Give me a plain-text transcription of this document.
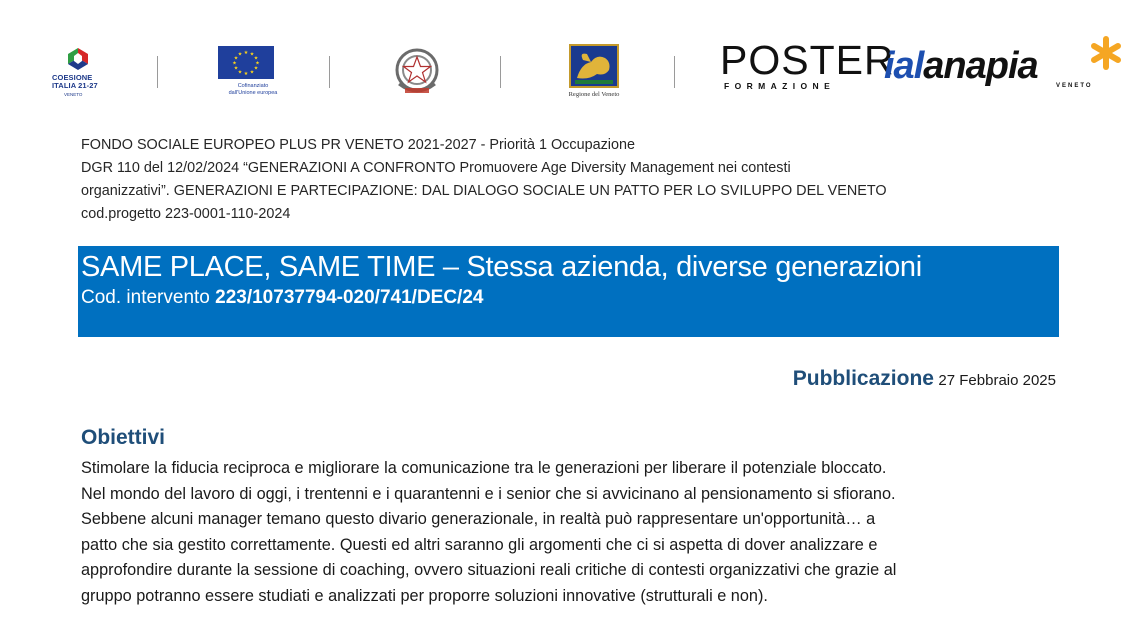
COESIONE
ITALIA 21-27
VENETO
★ ★
★
★
★
★
★
★
★
★
★
★
Cofinanziato
dall'Unione europea	Regione del Veneto
POSTER
FORMAZIONE ialanapia	VENETO
FONDO SOCIALE EUROPEO PLUS PR VENETO 2021-2027 - Priorità 1 Occupazione
DGR 110 del 12/02/2024 “GENERAZIONI A CONFRONTO Promuovere Age Diversity Management nei contesti
organizzativi”. GENERAZIONI E PARTECIPAZIONE: DAL DIALOGO SOCIALE UN PATTO PER LO SVILUPPO DEL VENETO
cod.progetto 223-0001-110-2024
SAME PLACE, SAME TIME – Stessa azienda, diverse generazioni
Cod. intervento 223/10737794-020/741/DEC/24
Pubblicazione 27 Febbraio 2025
Obiettivi
Stimolare la fiducia reciproca e migliorare la comunicazione tra le generazioni per liberare il potenziale bloccato.
Nel mondo del lavoro di oggi, i trentenni e i quarantenni e i senior che si avvicinano al pensionamento si sfiorano.
Sebbene alcuni manager temano questo divario generazionale, in realtà può rappresentare un'opportunità… a
patto che sia gestito correttamente. Questi ed altri saranno gli argomenti che ci si aspetta di dover analizzare e
approfondire durante la sessione di coaching, ovvero situazioni reali critiche di contesti organizzativi che grazie al
gruppo potranno essere studiati e analizzati per proporre soluzioni innovative (strutturali e non).
